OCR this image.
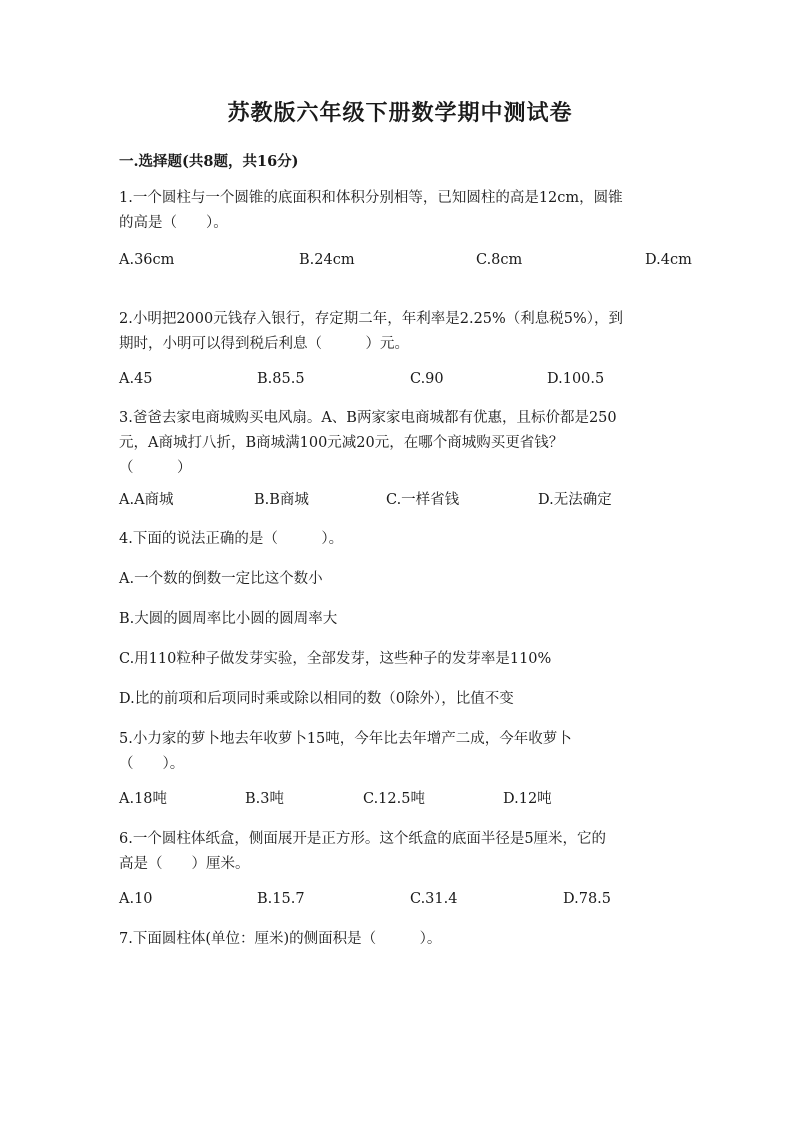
苏教版六年级下册数学期中测试卷
一.选择题(共8题，共16分)
1.一个圆柱与一个圆锥的底面积和体积分别相等，已知圆柱的高是12cm，圆锥
的高是（　　）。
A.36cm	B.24cm	C.8cm	D.4cm
2.小明把2000元钱存入银行，存定期二年，年利率是2.25%（利息税5%），到
期时，小明可以得到税后利息（　　　）元。
A.45	B.85.5	C.90	D.100.5
3.爸爸去家电商城购买电风扇。A、B两家家电商城都有优惠，且标价都是250
元，A商城打八折，B商城满100元减20元，在哪个商城购买更省钱？
（　　　）
A.A商城	B.B商城	C.一样省钱	D.无法确定
4.下面的说法正确的是（　　　）。
A.一个数的倒数一定比这个数小
B.大圆的圆周率比小圆的圆周率大
C.用110粒种子做发芽实验，全部发芽，这些种子的发芽率是110%
D.比的前项和后项同时乘或除以相同的数（0除外），比值不变
5.小力家的萝卜地去年收萝卜15吨，今年比去年增产二成，今年收萝卜
（　　）。
A.18吨	B.3吨	C.12.5吨	D.12吨
6.一个圆柱体纸盒，侧面展开是正方形。这个纸盒的底面半径是5厘米，它的
高是（　　）厘米。
A.10	B.15.7	C.31.4	D.78.5
7.下面圆柱体(单位：厘米)的侧面积是（　　　）。
